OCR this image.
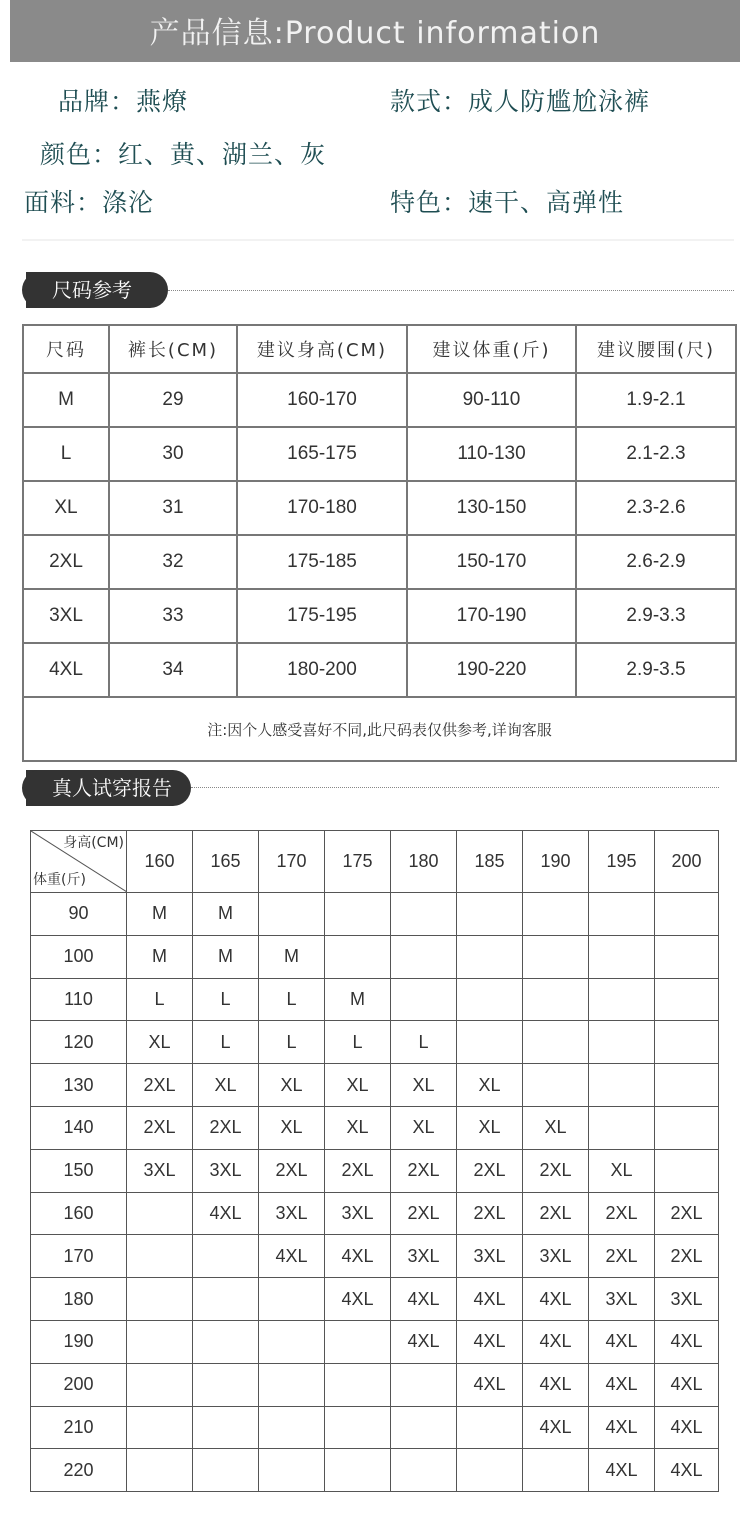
产品信息:Product information
品牌：燕燎	款式：成人防尴尬泳裤
颜色：红、黄、湖兰、灰
面料：涤沦	特色：速干、高弹性
尺码参考
尺码	裤长(CM)	建议身高(CM)	建议体重(斤)	建议腰围(尺)
M	29	160-170	90-110	1.9-2.1
L	30	165-175	110-130	2.1-2.3
XL	31	170-180	130-150	2.3-2.6
2XL	32	175-185	150-170	2.6-2.9
3XL	33	175-195	170-190	2.9-3.3
4XL	34	180-200	190-220	2.9-3.5
注:因个人感受喜好不同,此尺码表仅供参考,详询客服				
真人试穿报告
身高(CM)
体重(斤)	160	165	170	175	180	185	190	195	200
90	M	M							
100	M	M	M						
110	L	L	L	M					
120	XL	L	L	L	L				
130	2XL	XL	XL	XL	XL	XL			
140	2XL	2XL	XL	XL	XL	XL	XL		
150	3XL	3XL	2XL	2XL	2XL	2XL	2XL	XL	
160		4XL	3XL	3XL	2XL	2XL	2XL	2XL	2XL
170			4XL	4XL	3XL	3XL	3XL	2XL	2XL
180				4XL	4XL	4XL	4XL	3XL	3XL
190					4XL	4XL	4XL	4XL	4XL
200						4XL	4XL	4XL	4XL
210							4XL	4XL	4XL
220								4XL	4XL
